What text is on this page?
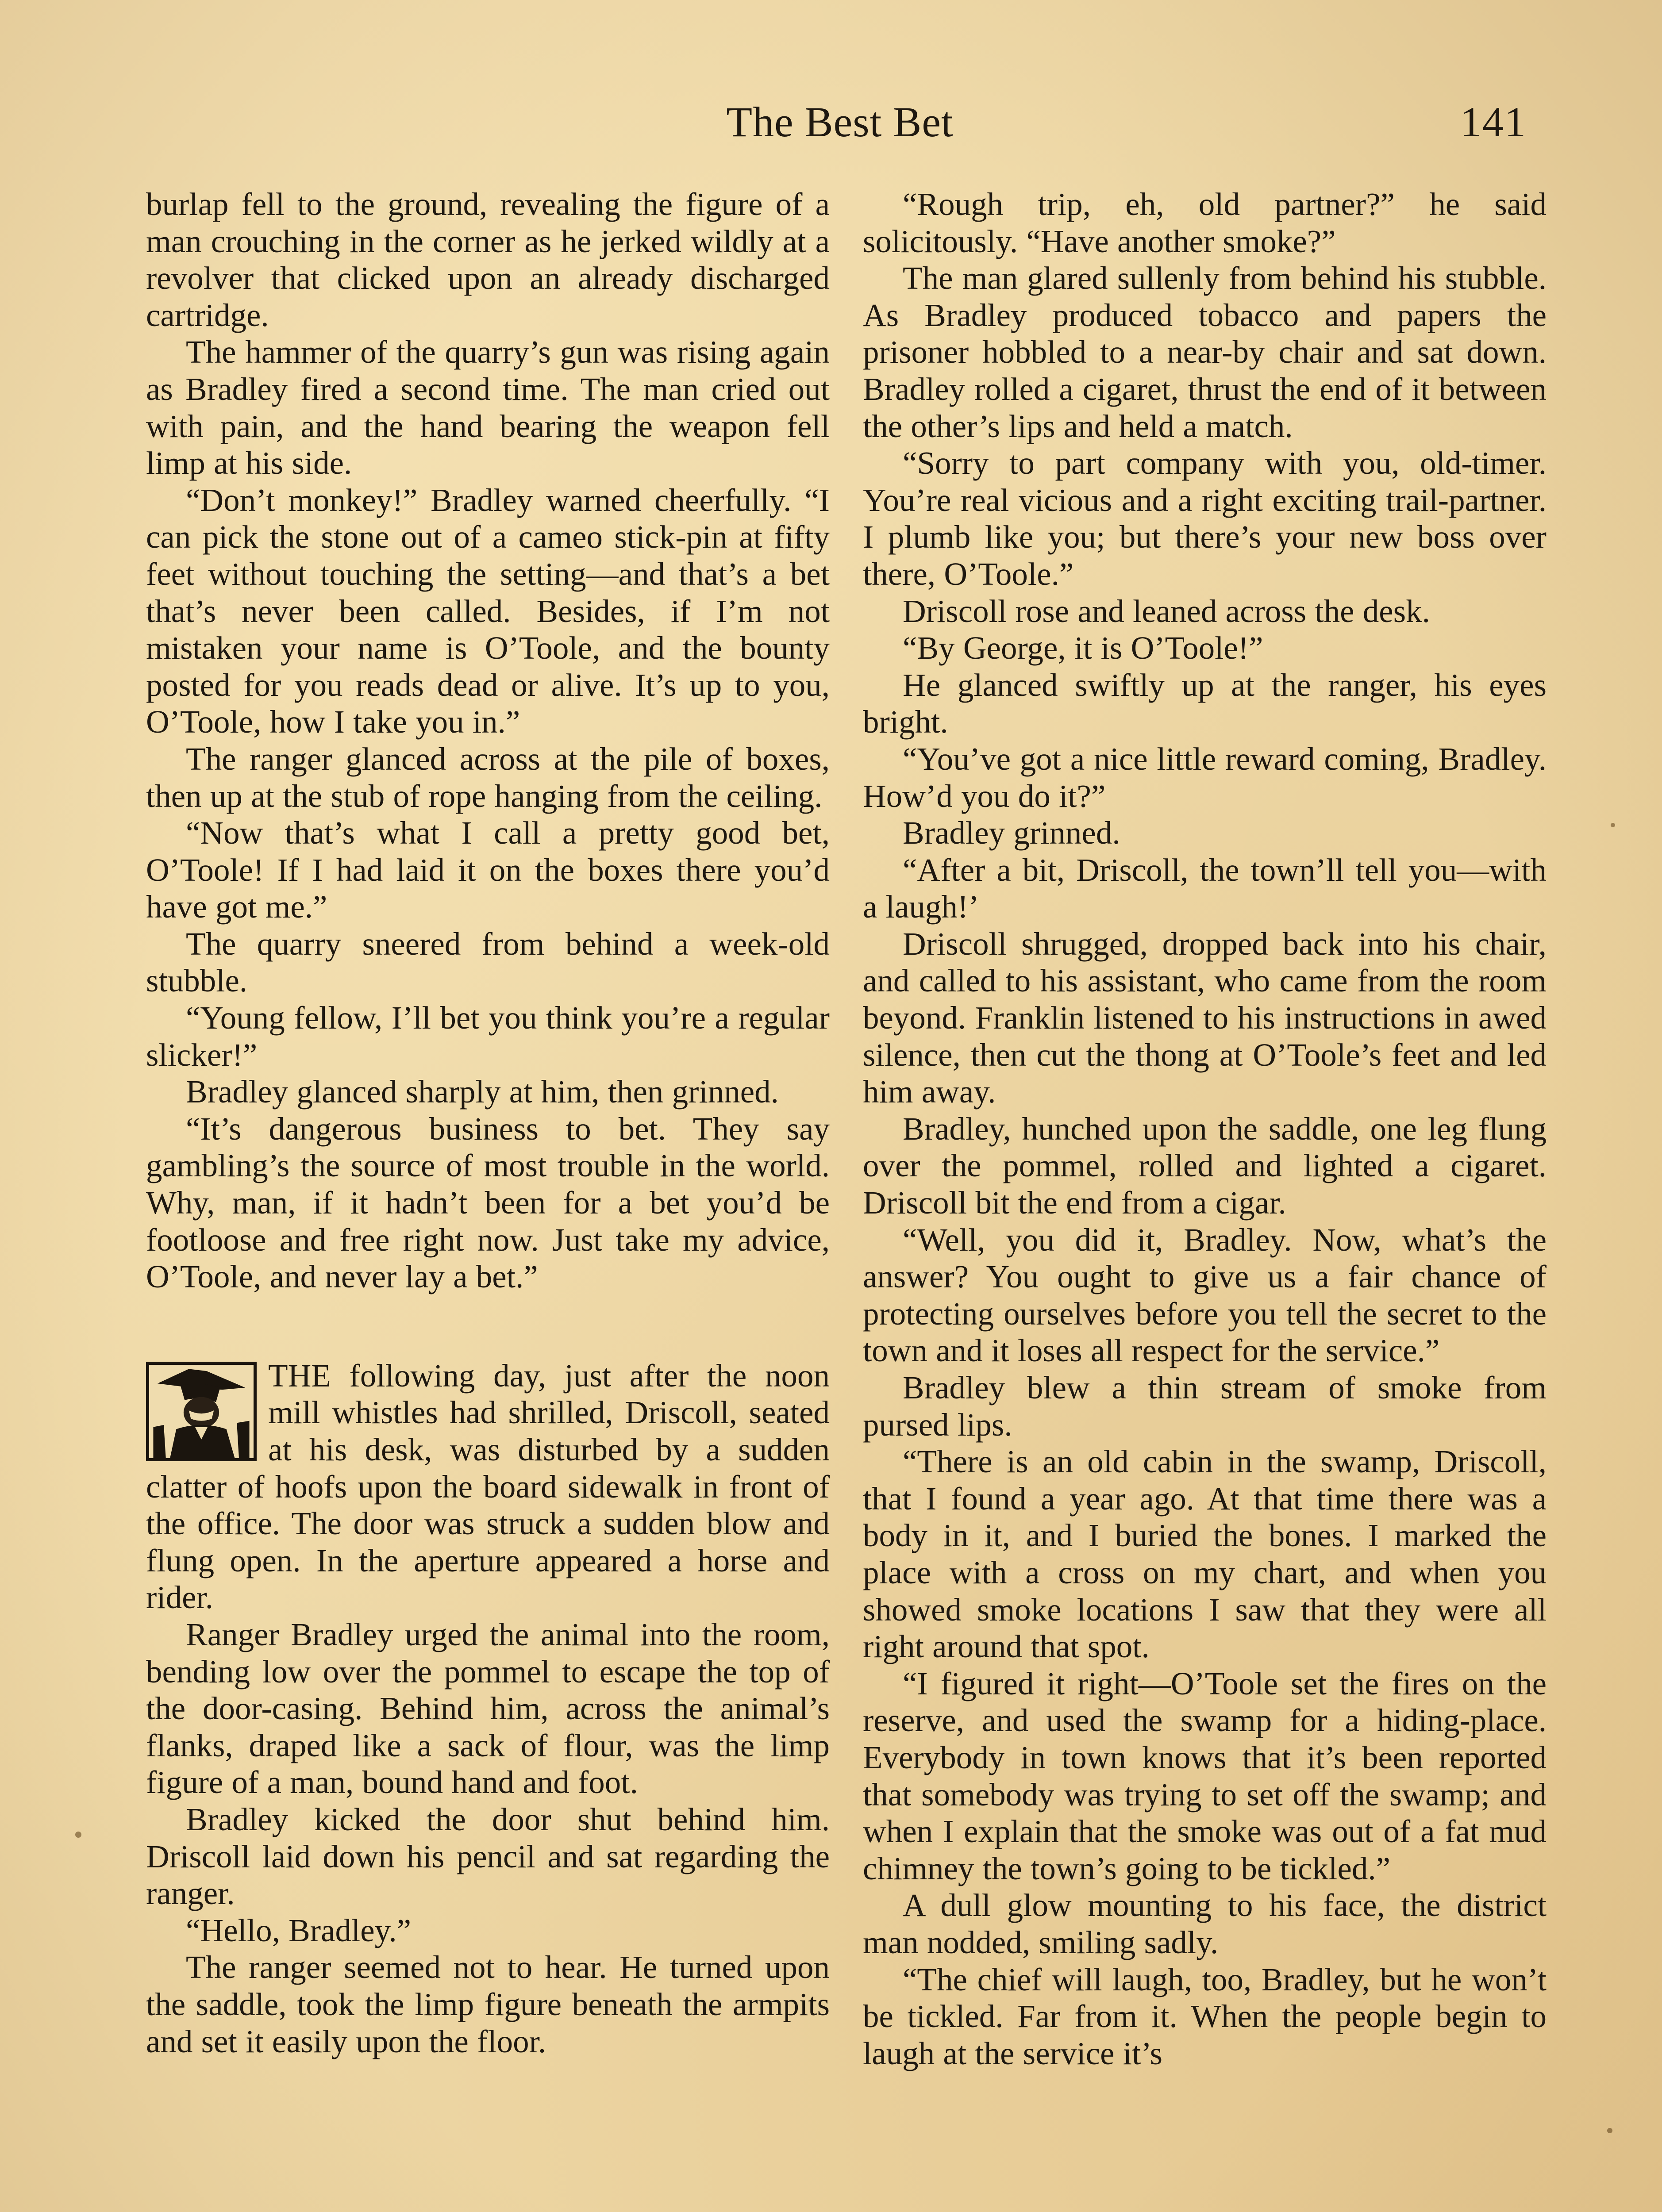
The Best Bet	141

burlap fell to the ground, revealing the figure of a man crouching in the corner as he jerked wildly at a revolver that clicked upon an already discharged cartridge.

The hammer of the quarry’s gun was rising again as Bradley fired a second time. The man cried out with pain, and the hand bearing the weapon fell limp at his side.

“Don’t monkey!” Bradley warned cheerfully. “I can pick the stone out of a cameo stick-pin at fifty feet without touching the setting—and that’s a bet that’s never been called. Besides, if I’m not mistaken your name is O’Toole, and the bounty posted for you reads dead or alive. It’s up to you, O’Toole, how I take you in.”

The ranger glanced across at the pile of boxes, then up at the stub of rope hanging from the ceiling.

“Now that’s what I call a pretty good bet, O’Toole! If I had laid it on the boxes there you’d have got me.”

The quarry sneered from behind a week-old stubble.

“Young fellow, I’ll bet you think you’re a regular slicker!”

Bradley glanced sharply at him, then grinned.

“It’s dangerous business to bet. They say gambling’s the source of most trouble in the world. Why, man, if it hadn’t been for a bet you’d be footloose and free right now. Just take my advice, O’Toole, and never lay a bet.”

THE following day, just after the noon mill whistles had shrilled, Driscoll, seated at his desk, was disturbed by a sudden clatter of hoofs upon the board sidewalk in front of the office. The door was struck a sudden blow and flung open. In the aperture appeared a horse and rider.

Ranger Bradley urged the animal into the room, bending low over the pommel to escape the top of the door-casing. Behind him, across the animal’s flanks, draped like a sack of flour, was the limp figure of a man, bound hand and foot.

Bradley kicked the door shut behind him. Driscoll laid down his pencil and sat regarding the ranger.

“Hello, Bradley.”

The ranger seemed not to hear. He turned upon the saddle, took the limp figure beneath the armpits and set it easily upon the floor.

“Rough trip, eh, old partner?” he said solicitously. “Have another smoke?”

The man glared sullenly from behind his stubble. As Bradley produced tobacco and papers the prisoner hobbled to a near-by chair and sat down. Bradley rolled a cigaret, thrust the end of it between the other’s lips and held a match.

“Sorry to part company with you, old-timer. You’re real vicious and a right exciting trail-partner. I plumb like you; but there’s your new boss over there, O’Toole.”

Driscoll rose and leaned across the desk.

“By George, it is O’Toole!”

He glanced swiftly up at the ranger, his eyes bright.

“You’ve got a nice little reward coming, Bradley. How’d you do it?”

Bradley grinned.

“After a bit, Driscoll, the town’ll tell you—with a laugh!’

Driscoll shrugged, dropped back into his chair, and called to his assistant, who came from the room beyond. Franklin listened to his instructions in awed silence, then cut the thong at O’Toole’s feet and led him away.

Bradley, hunched upon the saddle, one leg flung over the pommel, rolled and lighted a cigaret. Driscoll bit the end from a cigar.

“Well, you did it, Bradley. Now, what’s the answer? You ought to give us a fair chance of protecting ourselves before you tell the secret to the town and it loses all respect for the service.”

Bradley blew a thin stream of smoke from pursed lips.

“There is an old cabin in the swamp, Driscoll, that I found a year ago. At that time there was a body in it, and I buried the bones. I marked the place with a cross on my chart, and when you showed smoke locations I saw that they were all right around that spot.

“I figured it right—O’Toole set the fires on the reserve, and used the swamp for a hiding-place. Everybody in town knows that it’s been reported that somebody was trying to set off the swamp; and when I explain that the smoke was out of a fat mud chimney the town’s going to be tickled.”

A dull glow mounting to his face, the district man nodded, smiling sadly.

“The chief will laugh, too, Bradley, but he won’t be tickled. Far from it. When the people begin to laugh at the service it’s
